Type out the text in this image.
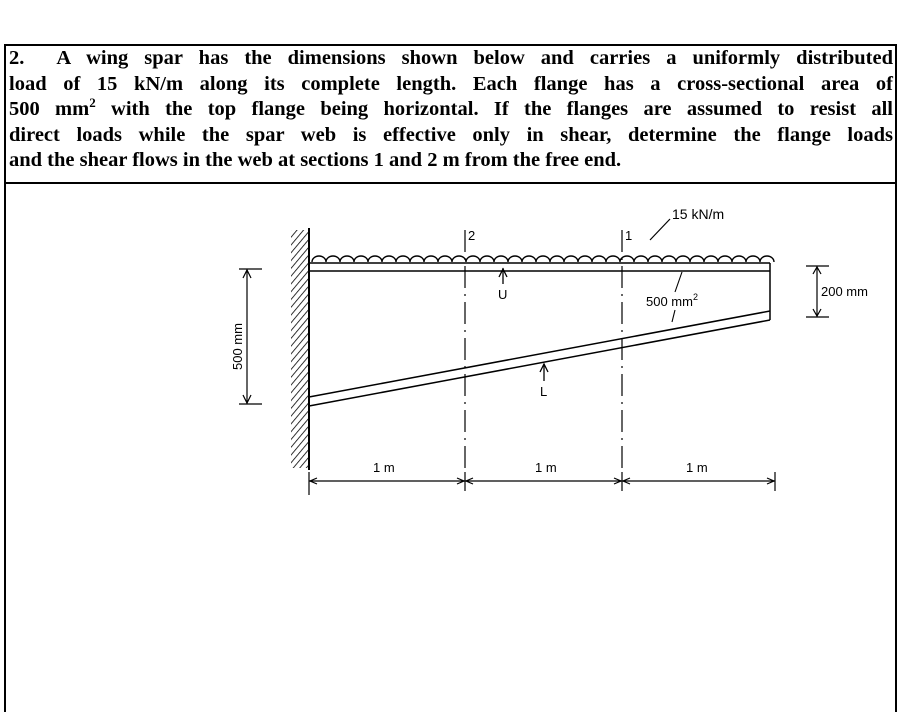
2. A wing spar has the dimensions shown below and carries a uniformly distributed
load of 15 kN/m along its complete length. Each flange has a cross-sectional area of
500 $mm^2$ with the top flange being horizontal. If the flanges are assumed to resist all
direct loads while the spar web is effective only in shear, determine the flange loads
and the shear flows in the web at sections 1 and 2 m from the free end.
15 kN/m
2	1
U
L
500 $mm^2$
500 mm
200 mm
1 m	1 m	1 m
